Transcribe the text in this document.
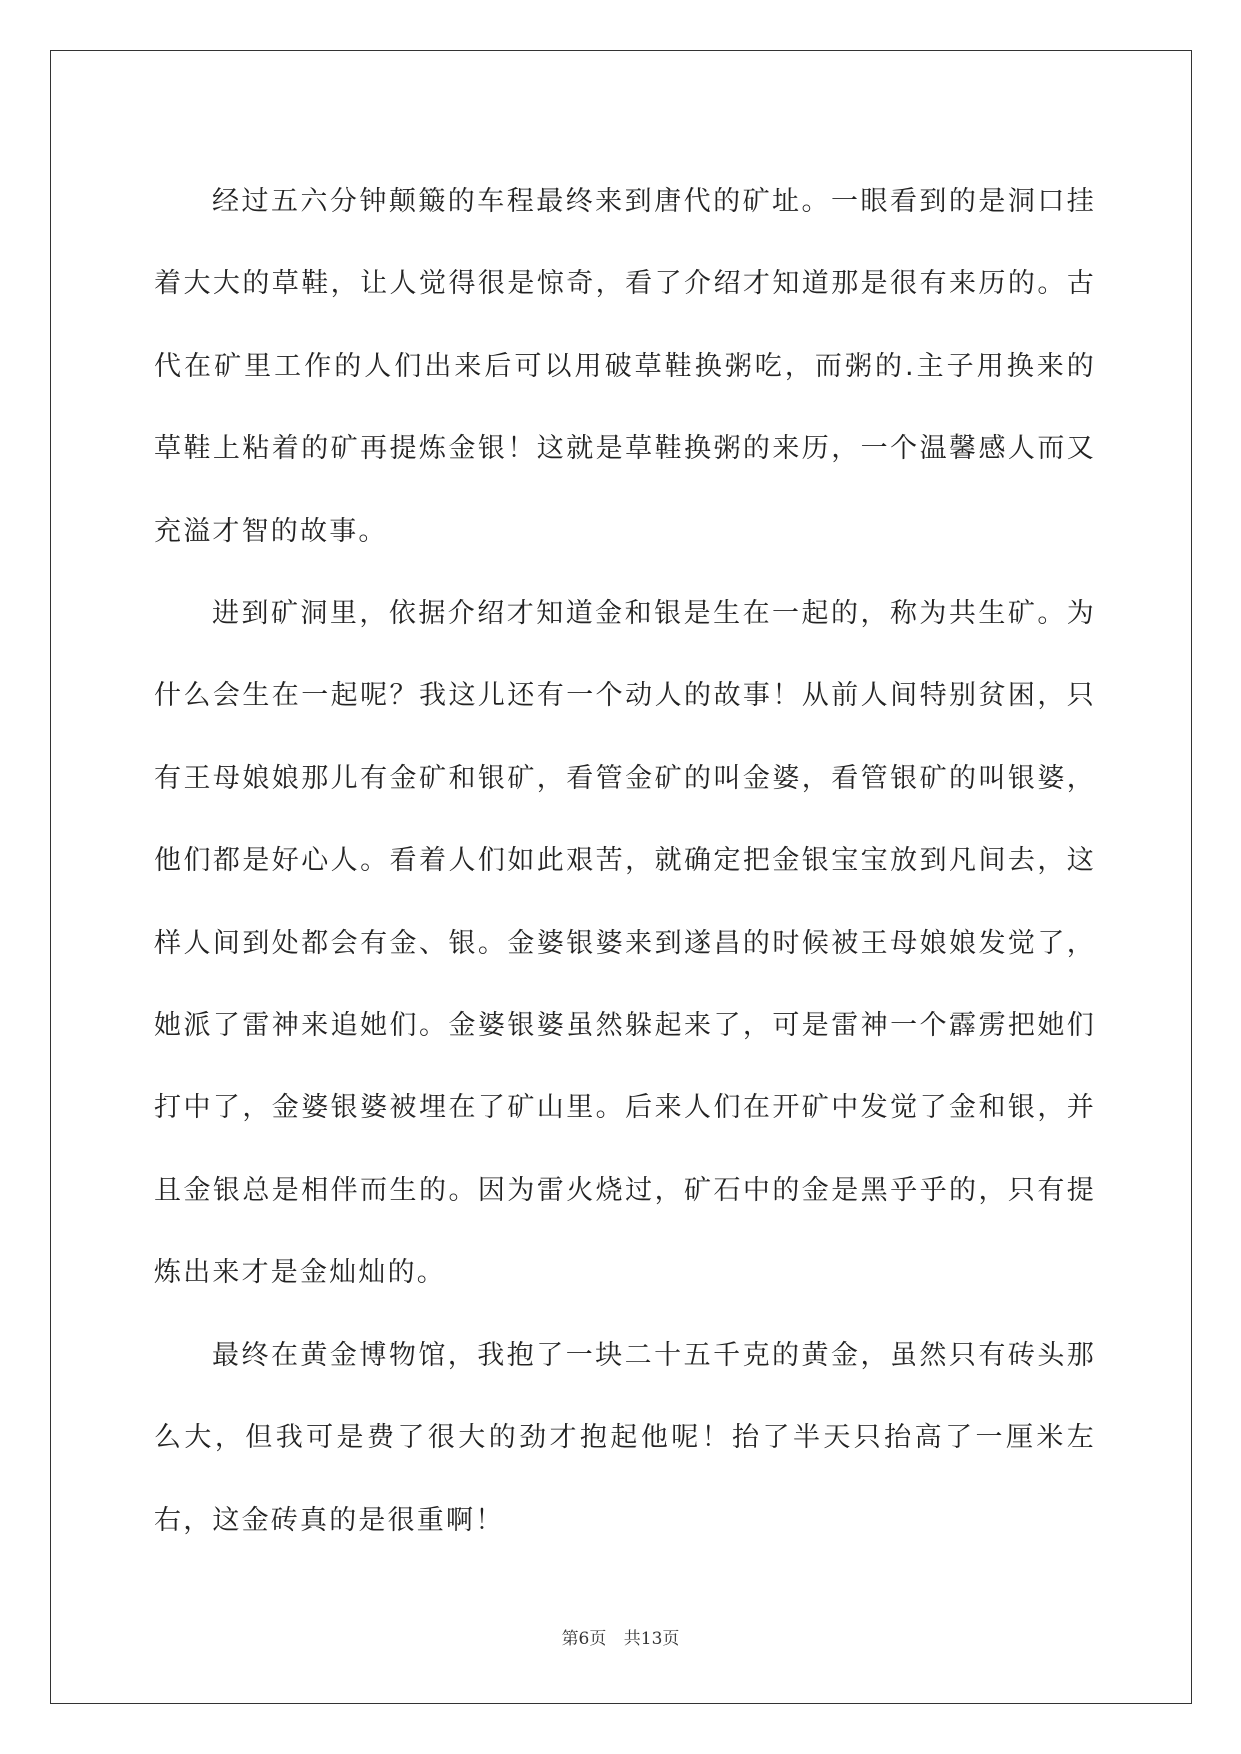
经过五六分钟颠簸的车程最终来到唐代的矿址。一眼看到的是洞口挂着大大的草鞋，让人觉得很是惊奇，看了介绍才知道那是很有来历的。古代在矿里工作的人们出来后可以用破草鞋换粥吃，而粥的.主子用换来的草鞋上粘着的矿再提炼金银！这就是草鞋换粥的来历，一个温馨感人而又充溢才智的故事。

进到矿洞里，依据介绍才知道金和银是生在一起的，称为共生矿。为什么会生在一起呢？我这儿还有一个动人的故事！从前人间特别贫困，只有王母娘娘那儿有金矿和银矿，看管金矿的叫金婆，看管银矿的叫银婆，他们都是好心人。看着人们如此艰苦，就确定把金银宝宝放到凡间去，这样人间到处都会有金、银。金婆银婆来到遂昌的时候被王母娘娘发觉了，她派了雷神来追她们。金婆银婆虽然躲起来了，可是雷神一个霹雳把她们打中了，金婆银婆被埋在了矿山里。后来人们在开矿中发觉了金和银，并且金银总是相伴而生的。因为雷火烧过，矿石中的金是黑乎乎的，只有提炼出来才是金灿灿的。

最终在黄金博物馆，我抱了一块二十五千克的黄金，虽然只有砖头那么大，但我可是费了很大的劲才抱起他呢！抬了半天只抬高了一厘米左右，这金砖真的是很重啊！

第6页 共13页
